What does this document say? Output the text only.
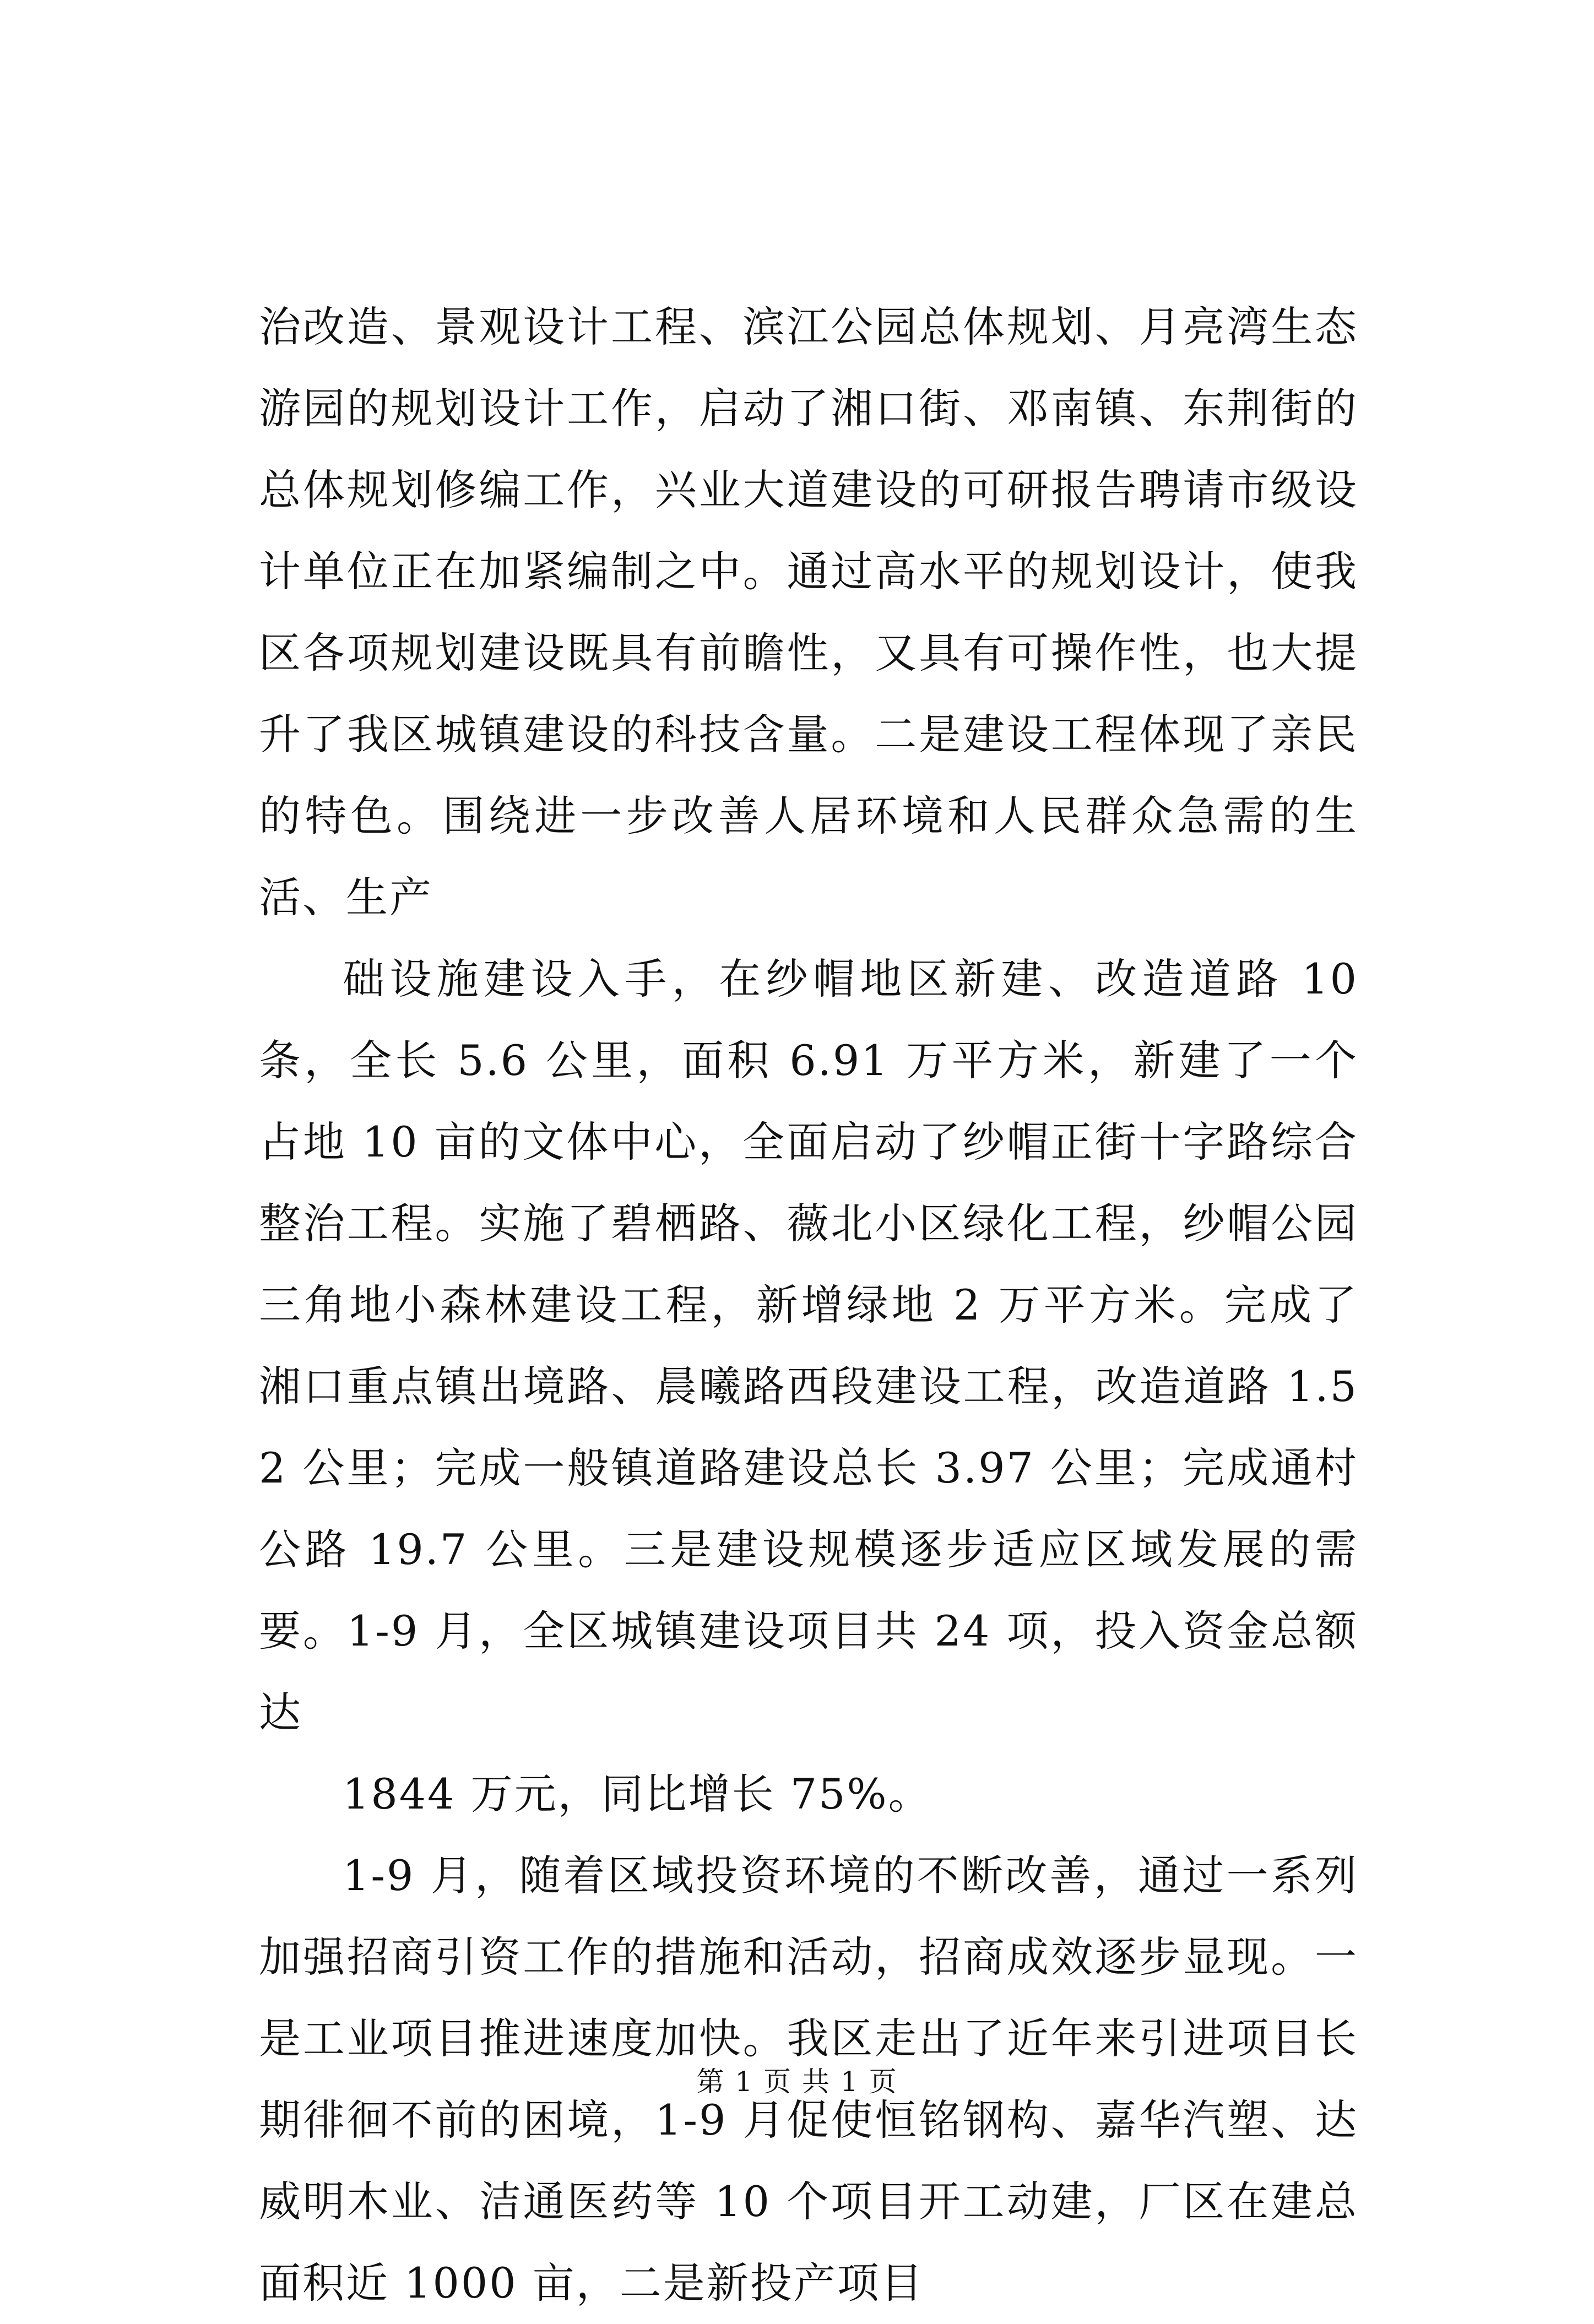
治改造、景观设计工程、滨江公园总体规划、月亮湾生态游园的规划设计工作，启动了湘口街、邓南镇、东荆街的总体规划修编工作，兴业大道建设的可研报告聘请市级设计单位正在加紧编制之中。通过高水平的规划设计，使我区各项规划建设既具有前瞻性，又具有可操作性，也大提升了我区城镇建设的科技含量。二是建设工程体现了亲民的特色。围绕进一步改善人居环境和人民群众急需的生活、生产

础设施建设入手，在纱帽地区新建、改造道路 10 条，全长 5.6 公里，面积 6.91 万平方米，新建了一个占地 10 亩的文体中心，全面启动了纱帽正街十字路综合整治工程。实施了碧栖路、薇北小区绿化工程，纱帽公园三角地小森林建设工程，新增绿地 2 万平方米。完成了湘口重点镇出境路、晨曦路西段建设工程，改造道路 1.52 公里；完成一般镇道路建设总长 3.97 公里；完成通村公路 19.7 公里。三是建设规模逐步适应区域发展的需要。1-9 月，全区城镇建设项目共 24 项，投入资金总额达

1844 万元，同比增长 75%。

1-9 月，随着区域投资环境的不断改善，通过一系列加强招商引资工作的措施和活动，招商成效逐步显现。一是工业项目推进速度加快。我区走出了近年来引进项目长期徘徊不前的困境，1-9 月促使恒铭钢构、嘉华汽塑、达威明木业、洁通医药等 10 个项目开工动建，厂区在建总面积近 1000 亩，二是新投产项目

第 1 页 共 1 页
